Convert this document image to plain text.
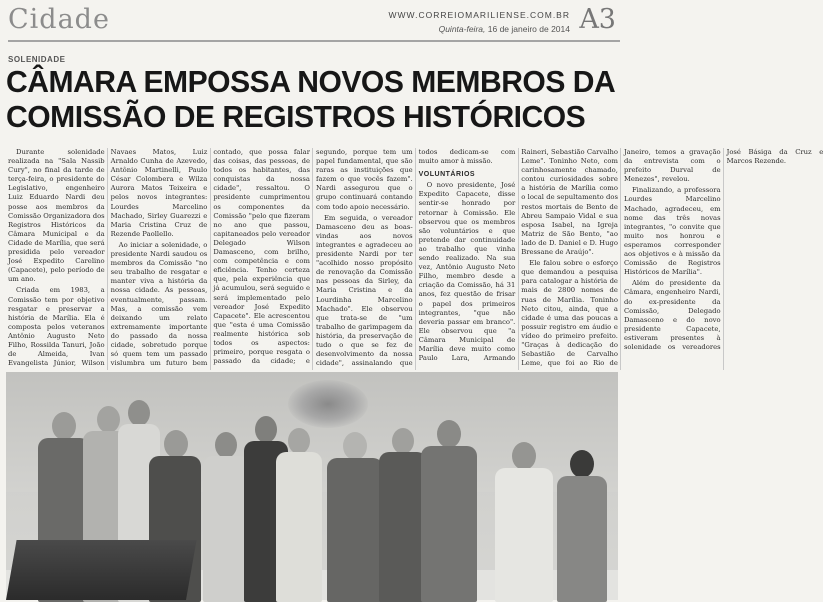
Cidade	WWW.CORREIOMARILIENSE.COM.BR
Quinta-feira, 16 de janeiro de 2014 A3
SOLENIDADE
CÂMARA EMPOSSA NOVOS MEMBROS DA COMISSÃO DE REGISTROS HISTÓRICOS

Durante solenidade realizada na "Sala Nassib Cury", no final da tarde de terça-feira, o presidente do Legislativo, engenheiro Luiz Eduardo Nardi deu posse aos membros da Comissão Organizadora dos Registros Históricos da Câmara Municipal e da Cidade de Marília, que será presidida pelo vereador José Expedito Carelino (Capacete), pelo período de um ano.

Criada em 1983, a Comissão tem por objetivo resgatar e preservar a história de Marília. Ela é composta pelos veteranos Antônio Augusto Neto Filho, Rossilda Tanuri, João de Almeida, Ivan Evangelista Júnior, Wilson Navaes Matos, Luiz Arnaldo Cunha de Azevedo, Antônio Martinelli, Paulo César Colombera e Wilza Aurora Matos Teixeira e pelos novos integrantes: Lourdes Marcelino Machado, Sirley Guarezzi e Maria Cristina Cruz de Rezende Paollello.

Ao iniciar a solenidade, o presidente Nardi saudou os membros da Comissão "no seu trabalho de resgatar e manter viva a história da nossa cidade. As pessoas, eventualmente, passam. Mas, a comissão vem deixando um relato extremamente importante do passado da nossa cidade, sobretudo porque só quem tem um passado vislumbra um futuro bem contado, que possa falar das coisas, das pessoas, de todos os habitantes, das conquistas da nossa cidade", ressaltou. O presidente cumprimentou os componentes da Comissão "pelo que fizeram no ano que passou, capitaneados pelo vereador Delegado Wilson Damasceno, com brilho, com competência e com eficiência. Tenho certeza que, pela experiência que já acumulou, será seguido e será implementado pelo vereador José Expedito Capacete". Ele acrescentou que "esta é uma Comissão realmente histórica sob todos os aspectos: primeiro, porque resgata o passado da cidade; e segundo, porque tem um papel fundamental, que são raras as instituições que fazem o que vocês fazem". Nardi assegurou que o grupo continuará contando com todo apoio necessário.

Em seguida, o vereador Damasceno deu as boas-vindas aos novos integrantes e agradeceu ao presidente Nardi por ter "acolhido nosso propósito de renovação da Comissão nas pessoas da Sirley, da Maria Cristina e da Lourdinha Marcelino Machado". Ele observou que trata-se de "um trabalho de garimpagem da história, da preservação de tudo o que se fez de desenvolvimento da nossa cidade", assinalando que todos dedicam-se com muito amor à missão.

VOLUNTÁRIOS

O novo presidente, José Expedito Capacete, disse sentir-se honrado por retornar à Comissão. Ele observou que os membros são voluntários e que pretende dar continuidade ao trabalho que vinha sendo realizado. Na sua vez, Antônio Augusto Neto Filho, membro desde a criação da Comissão, há 31 anos, fez questão de frisar o papel dos primeiros integrantes, "que não deveria passar em branco". Ele observou que "a Câmara Municipal de Marília deve muito como Paulo Lara, Armando Raineri, Sebastião Carvalho Leme". Toninho Neto, com carinhosamente chamado, contou curiosidades sobre a história de Marília como o local de sepultamento dos restos mortais de Bento de Abreu Sampaio Vidal e sua esposa Isabel, na Igreja Matriz de São Bento, "ao lado de D. Daniel e D. Hugo Bressane de Araújo".

Ele falou sobre o esforço que demandou a pesquisa para catalogar a história de mais de 2800 nomes de ruas de Marília. Toninho Neto citou, ainda, que a cidade é uma das poucas a possuir registro em áudio e vídeo do primeiro prefeito. "Graças à dedicação do Sebastião de Carvalho Leme, que foi ao Rio de Janeiro, temos a gravação da entrevista com o prefeito Durval de Menezes", revelou.

Finalizando, a professora Lourdes Marcelino Machado, agradeceu, em nome das três novas integrantes, "o convite que muito nos honrou e esperamos corresponder aos objetivos e à missão da Comissão de Registros Históricos de Marília".

Além do presidente da Câmara, engenheiro Nardi, do ex-presidente da Comissão, Delegado Damasceno e do novo presidente Capacete, estiveram presentes à solenidade os vereadores José Básiga da Cruz e Marcos Rezende.
